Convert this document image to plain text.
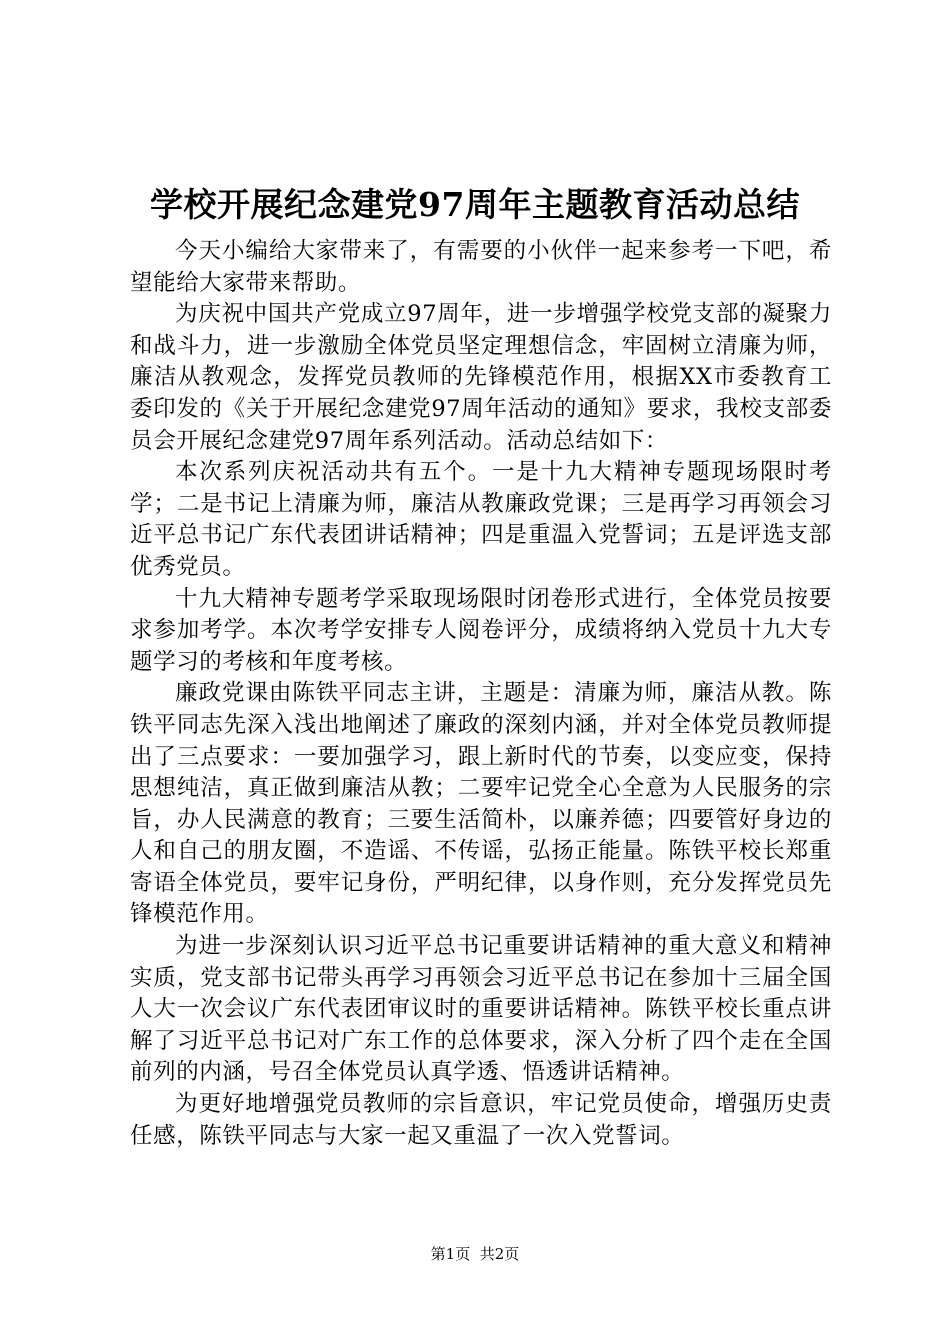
学校开展纪念建党97周年主题教育活动总结

今天小编给大家带来了，有需要的小伙伴一起来参考一下吧，希望能给大家带来帮助。

为庆祝中国共产党成立97周年，进一步增强学校党支部的凝聚力和战斗力，进一步激励全体党员坚定理想信念，牢固树立清廉为师，廉洁从教观念，发挥党员教师的先锋模范作用，根据XX市委教育工委印发的《关于开展纪念建党97周年活动的通知》要求，我校支部委员会开展纪念建党97周年系列活动。活动总结如下：

本次系列庆祝活动共有五个。一是十九大精神专题现场限时考学；二是书记上清廉为师，廉洁从教廉政党课；三是再学习再领会习近平总书记广东代表团讲话精神；四是重温入党誓词；五是评选支部优秀党员。

十九大精神专题考学采取现场限时闭卷形式进行，全体党员按要求参加考学。本次考学安排专人阅卷评分，成绩将纳入党员十九大专题学习的考核和年度考核。

廉政党课由陈铁平同志主讲，主题是：清廉为师，廉洁从教。陈铁平同志先深入浅出地阐述了廉政的深刻内涵，并对全体党员教师提出了三点要求：一要加强学习，跟上新时代的节奏，以变应变，保持思想纯洁，真正做到廉洁从教；二要牢记党全心全意为人民服务的宗旨，办人民满意的教育；三要生活简朴，以廉养德；四要管好身边的人和自己的朋友圈，不造谣、不传谣，弘扬正能量。陈铁平校长郑重寄语全体党员，要牢记身份，严明纪律，以身作则，充分发挥党员先锋模范作用。

为进一步深刻认识习近平总书记重要讲话精神的重大意义和精神实质，党支部书记带头再学习再领会习近平总书记在参加十三届全国人大一次会议广东代表团审议时的重要讲话精神。陈铁平校长重点讲解了习近平总书记对广东工作的总体要求，深入分析了四个走在全国前列的内涵，号召全体党员认真学透、悟透讲话精神。

为更好地增强党员教师的宗旨意识，牢记党员使命，增强历史责任感，陈铁平同志与大家一起又重温了一次入党誓词。

第1页 共2页
